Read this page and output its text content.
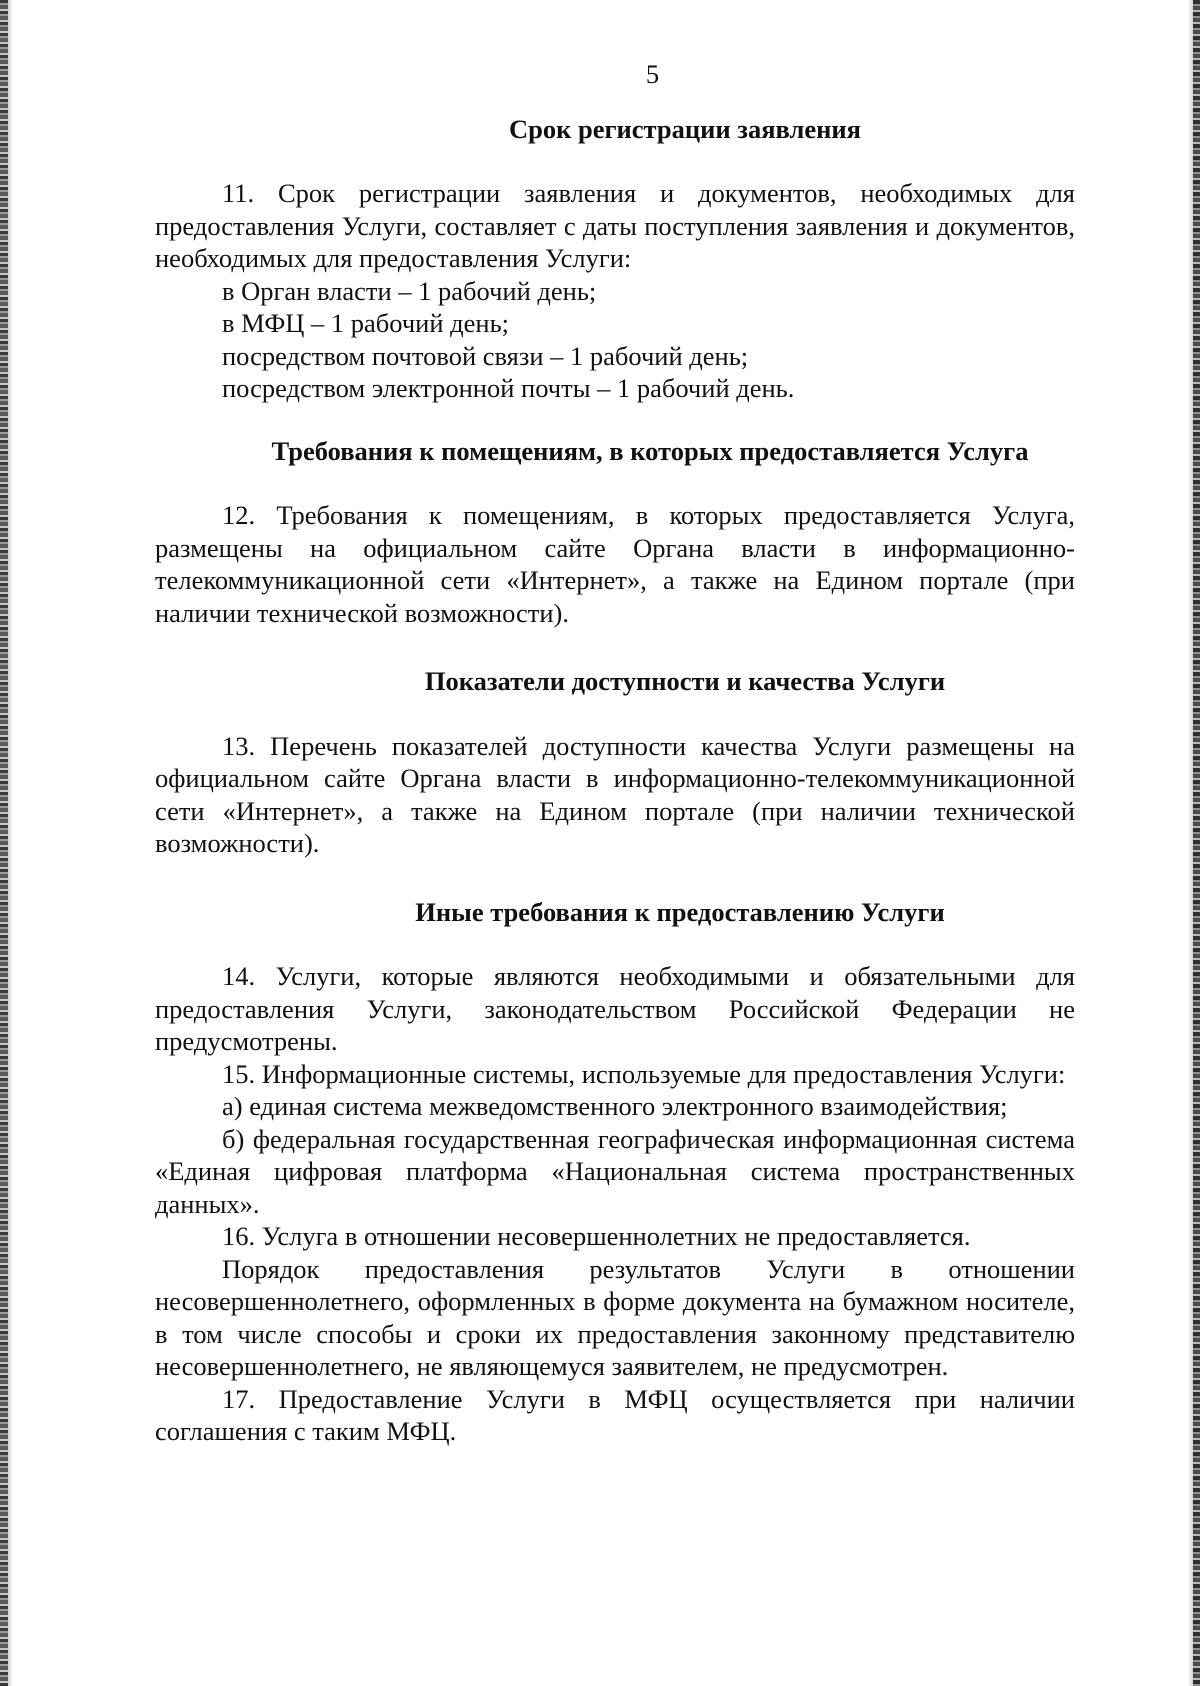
5

Срок регистрации заявления

11. Срок регистрации заявления и документов, необходимых для предоставления Услуги, составляет с даты поступления заявления и документов, необходимых для предоставления Услуги:

в Орган власти – 1 рабочий день;

в МФЦ – 1 рабочий день;

посредством почтовой связи – 1 рабочий день;

посредством электронной почты – 1 рабочий день.

Требования к помещениям, в которых предоставляется Услуга

12. Требования к помещениям, в которых предоставляется Услуга, размещены на официальном сайте Органа власти в информационно-телекоммуникационной сети «Интернет», а также на Едином портале (при наличии технической возможности).

Показатели доступности и качества Услуги

13. Перечень показателей доступности качества Услуги размещены на официальном сайте Органа власти в информационно-телекоммуникационной сети «Интернет», а также на Едином портале (при наличии технической возможности).

Иные требования к предоставлению Услуги

14. Услуги, которые являются необходимыми и обязательными для предоставления Услуги, законодательством Российской Федерации не предусмотрены.

15. Информационные системы, используемые для предоставления Услуги:

а) единая система межведомственного электронного взаимодействия;

б) федеральная государственная географическая информационная система «Единая цифровая платформа «Национальная система пространственных данных».

16. Услуга в отношении несовершеннолетних не предоставляется.

Порядок предоставления результатов Услуги в отношении несовершеннолетнего, оформленных в форме документа на бумажном носителе, в том числе способы и сроки их предоставления законному представителю несовершеннолетнего, не являющемуся заявителем, не предусмотрен.

17. Предоставление Услуги в МФЦ осуществляется при наличии соглашения с таким МФЦ.
